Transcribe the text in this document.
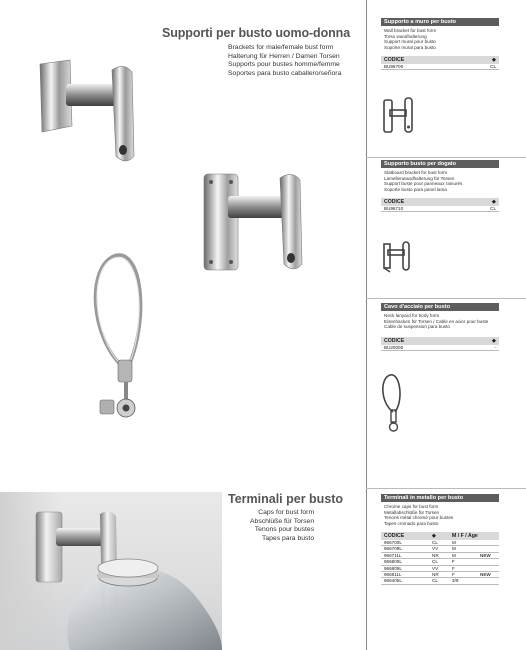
Supporti per busto uomo-donna
Brackets for male/female bust form
Halterung für Herren / Damen Torsen
Supports pour bustes homme/femme
Soportes para busto caballero/señora
Terminali per busto
Caps for bust form
Abschlüße für Torsen
Tenons pour bustes
Tapes para busto
Supporto a muro per busto
Wall bracket for bust form
Torso wandhalterung
Support mural pour buste
Soporte mural para busto
CODICE	◆
BU96700	CL
Supporto busto per dogato
Slatboard bracket for bust form
Lamellenwandhalterung für Torsen
Support buste pour panneaux rainurés
Soporte busto para panel lama
CODICE	◆
BU96710	CL
Cavo d'acciaio per busto
Neck lanyard for body form
Eisenhacken für Torsen / Cable en acier pour buste
Cable de suspension para busto
CODICE	◆
BU20000	-
Terminali in metallo per busto
Chrome caps for bust form
Metallabschlüße für Torsen
Tenons métal chromé pour bustes
Tapes cromado para busto
CODICE	◆	M / F / Age
966700L	CL	M
966709L	VV	M
966711L	NR	M	NEW
966800L	CL	F
966809L	VV	F
966811L	NR	F	NEW
966405L	CL	3/9
